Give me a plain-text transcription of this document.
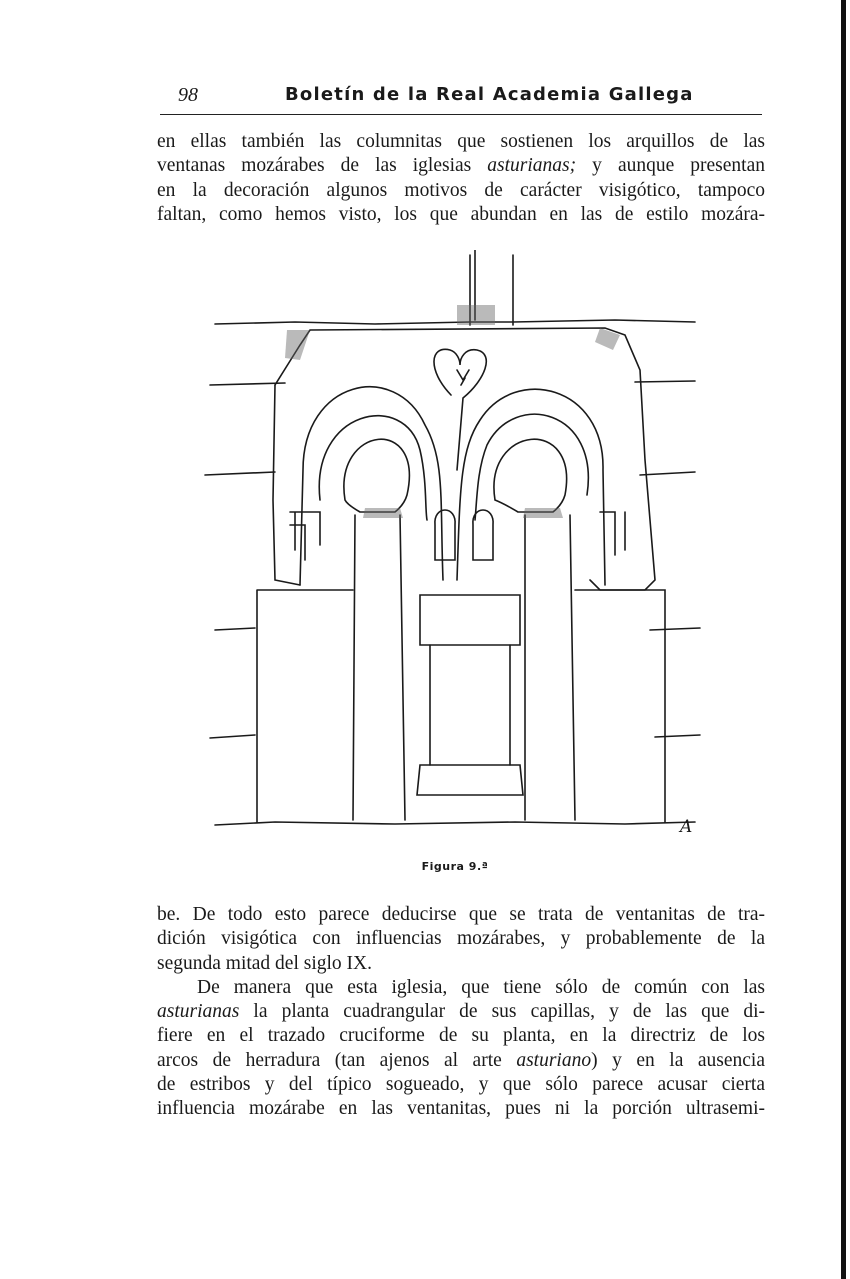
98	Boletín de la Real Academia Gallega
en ellas también las columnitas que sostienen los arquillos de las
ventanas mozárabes de las iglesias asturianas; y aunque presentan
en la decoración algunos motivos de carácter visigótico, tampoco
faltan, como hemos visto, los que abundan en las de estilo mozára-
A
Figura 9.ª
be. De todo esto parece deducirse que se trata de ventanitas de tra-
dición visigótica con influencias mozárabes, y probablemente de la
segunda mitad del siglo IX.
De manera que esta iglesia, que tiene sólo de común con las
asturianas la planta cuadrangular de sus capillas, y de las que di-
fiere en el trazado cruciforme de su planta, en la directriz de los
arcos de herradura (tan ajenos al arte asturiano) y en la ausencia
de estribos y del típico sogueado, y que sólo parece acusar cierta
influencia mozárabe en las ventanitas, pues ni la porción ultrasemi-
